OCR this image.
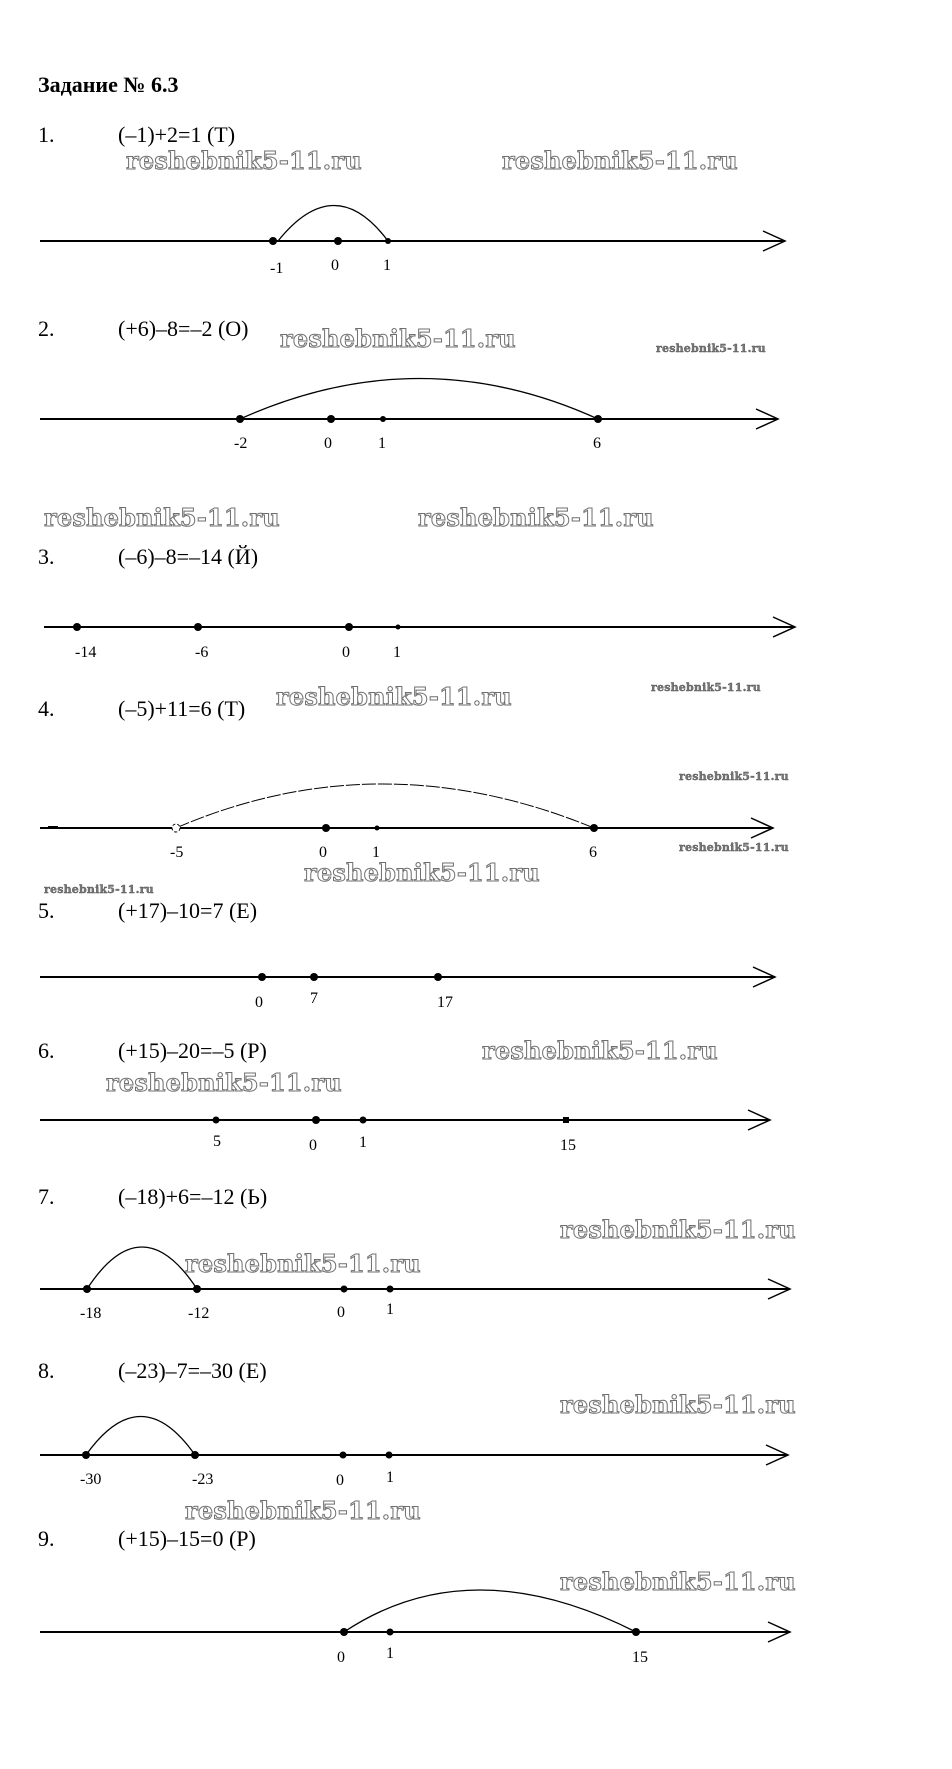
Задание № 6.3
1.	(–1)+2=1 (Т)
-1	0	1
2.	(+6)–8=–2 (О)
-2	0	1	6
3.	(–6)–8=–14 (Й)
-14	-6	0	1
4.	(–5)+11=6 (Т)
-5	0	1	6
5.	(+17)–10=7 (Е)
0	7	17
6.	(+15)–20=–5 (Р)
5	0	1	15
7.	(–18)+6=–12 (Ь)
-18	-12	0	1
8.	(–23)–7=–30 (Е)
-30	-23	0	1
9.	(+15)–15=0 (Р)
0	1	15
reshebnik5-11.ru	reshebnik5-11.ru
reshebnik5-11.ru	reshebnik5-11.ru
reshebnik5-11.ru	reshebnik5-11.ru
reshebnik5-11.ru	reshebnik5-11.ru
reshebnik5-11.ru
reshebnik5-11.ru
reshebnik5-11.ru
reshebnik5-11.ru
reshebnik5-11.ru
reshebnik5-11.ru
reshebnik5-11.ru
reshebnik5-11.ru
reshebnik5-11.ru
reshebnik5-11.ru
reshebnik5-11.ru
